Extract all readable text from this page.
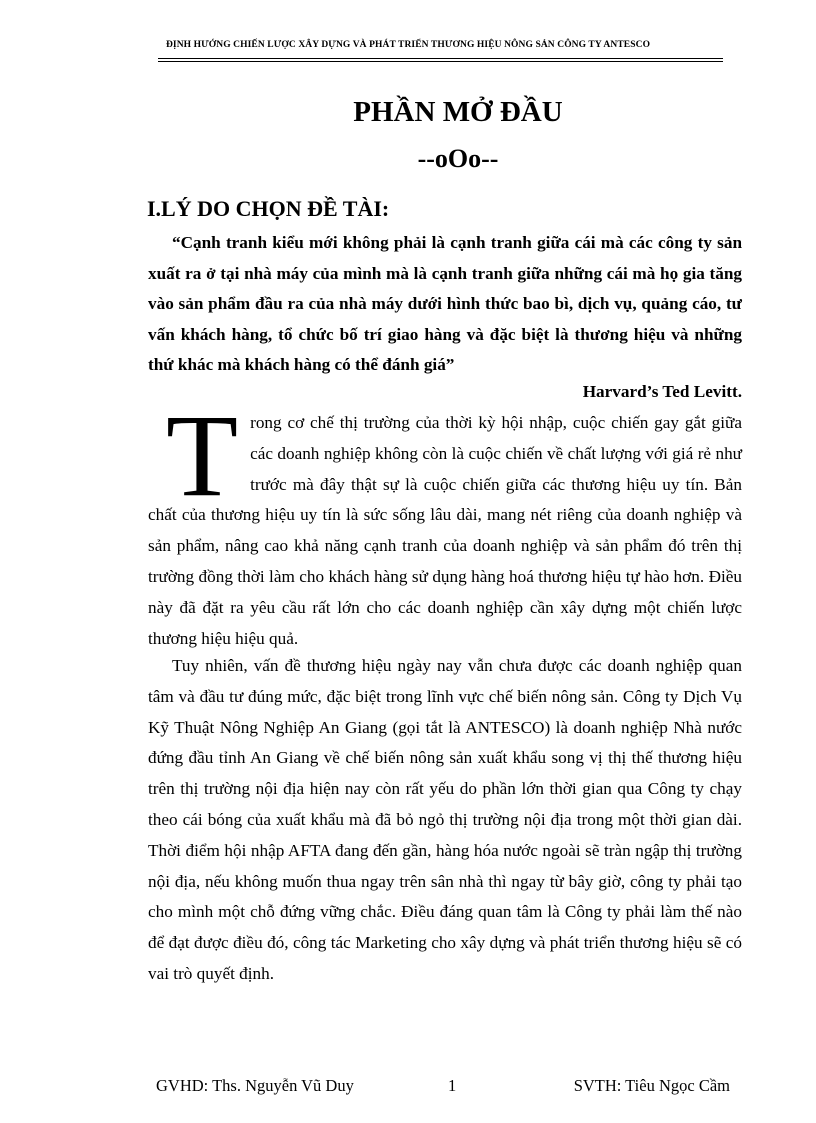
ĐỊNH HƯỚNG CHIẾN LƯỢC XÂY DỰNG VÀ PHÁT TRIỂN THƯƠNG HIỆU NÔNG SẢN CÔNG TY ANTESCO
PHẦN MỞ ĐẦU
--oOo--
I.LÝ DO CHỌN ĐỀ TÀI:

“Cạnh tranh kiểu mới không phải là cạnh tranh giữa cái mà các công ty sản xuất ra ở tại nhà máy của mình mà là cạnh tranh giữa những cái mà họ gia tăng vào sản phẩm đầu ra của nhà máy dưới hình thức bao bì, dịch vụ, quảng cáo, tư vấn khách hàng, tổ chức bố trí giao hàng và đặc biệt là thương hiệu và những thứ khác mà khách hàng có thể đánh giá”

Harvard’s Ted Levitt.

Trong cơ chế thị trường của thời kỳ hội nhập, cuộc chiến gay gắt giữa các doanh nghiệp không còn là cuộc chiến về chất lượng với giá rẻ như trước mà đây thật sự là cuộc chiến giữa các thương hiệu uy tín. Bản chất của thương hiệu uy tín là sức sống lâu dài, mang nét riêng của doanh nghiệp và sản phẩm, nâng cao khả năng cạnh tranh của doanh nghiệp và sản phẩm đó trên thị trường đồng thời làm cho khách hàng sử dụng hàng hoá thương hiệu tự hào hơn. Điều này đã đặt ra yêu cầu rất lớn cho các doanh nghiệp cần xây dựng một chiến lược thương hiệu hiệu quả.

Tuy nhiên, vấn đề thương hiệu ngày nay vẫn chưa được các doanh nghiệp quan tâm và đầu tư đúng mức, đặc biệt trong lĩnh vực chế biến nông sản. Công ty Dịch Vụ Kỹ Thuật Nông Nghiệp An Giang (gọi tắt là ANTESCO) là doanh nghiệp Nhà nước đứng đầu tỉnh An Giang về chế biến nông sản xuất khẩu song vị thị thế thương hiệu trên thị trường nội địa hiện nay còn rất yếu do phần lớn thời gian qua Công ty chạy theo cái bóng của xuất khẩu mà đã bỏ ngỏ thị trường nội địa trong một thời gian dài. Thời điểm hội nhập AFTA đang đến gần, hàng hóa nước ngoài sẽ tràn ngập thị trường nội địa, nếu không muốn thua ngay trên sân nhà thì ngay từ bây giờ, công ty phải tạo cho mình một chỗ đứng vững chắc. Điều đáng quan tâm là Công ty phải làm thế nào để đạt được điều đó, công tác Marketing cho xây dựng và phát triển thương hiệu sẽ có vai trò quyết định.

GVHD: Ths. Nguyễn Vũ Duy	1	SVTH: Tiêu Ngọc Cầm
